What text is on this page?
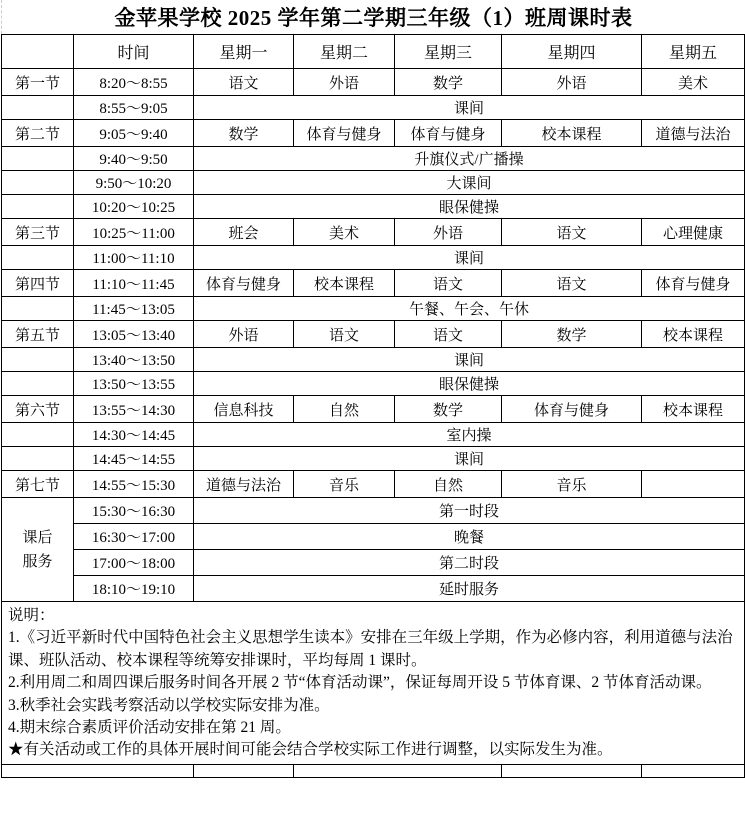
金苹果学校 2025 学年第二学期三年级（1）班周课时表
	时间	星期一	星期二	星期三	星期四	星期五
第一节	8:20～8:55	语文	外语	数学	外语	美术
	8:55～9:05	课间				
第二节	9:05～9:40	数学	体育与健身	体育与健身	校本课程	道德与法治
	9:40～9:50	升旗仪式/广播操				
	9:50～10:20	大课间				
	10:20～10:25	眼保健操				
第三节	10:25～11:00	班会	美术	外语	语文	心理健康
	11:00～11:10	课间				
第四节	11:10～11:45	体育与健身	校本课程	语文	语文	体育与健身
	11:45～13:05	午餐、午会、午休				
第五节	13:05～13:40	外语	语文	语文	数学	校本课程
	13:40～13:50	课间				
	13:50～13:55	眼保健操				
第六节	13:55～14:30	信息科技	自然	数学	体育与健身	校本课程
	14:30～14:45	室内操				
	14:45～14:55	课间				
第七节	14:55～15:30	道德与法治	音乐	自然	音乐	

课后
服务	15:30～16:30	第一时段				
	16:30～17:00	晚餐				
	17:00～18:00	第二时段				
	18:10～19:10	延时服务				

说明：
1.《习近平新时代中国特色社会主义思想学生读本》安排在三年级上学期，作为必修内容，利用道德与法治课、班队活动、校本课程等统筹安排课时，平均每周 1 课时。
2.利用周二和周四课后服务时间各开展 2 节“体育活动课”，保证每周开设 5 节体育课、2 节体育活动课。
3.秋季社会实践考察活动以学校实际安排为准。
4.期末综合素质评价活动安排在第 21 周。
★有关活动或工作的具体开展时间可能会结合学校实际工作进行调整，以实际发生为准。
